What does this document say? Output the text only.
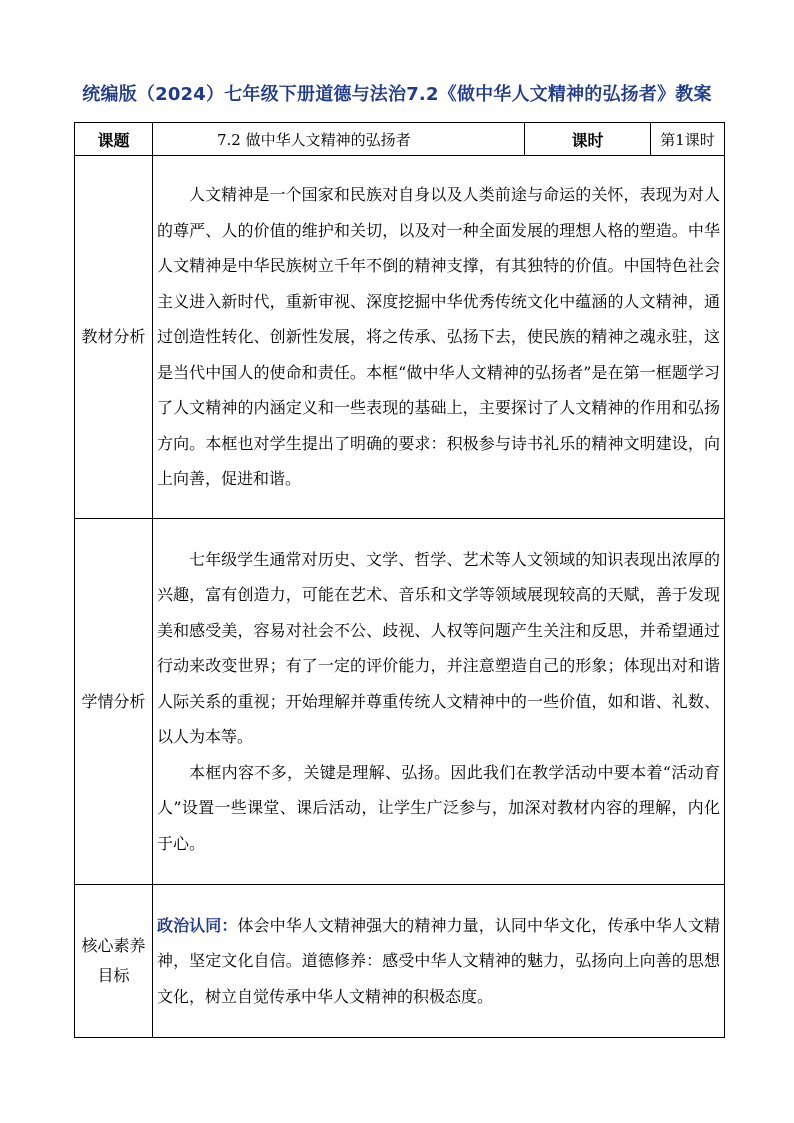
统编版（2024）七年级下册道德与法治7.2《做中华人文精神的弘扬者》教案
课题	7.2 做中华人文精神的弘扬者	课时	第1课时
教材分析	人文精神是一个国家和民族对自身以及人类前途与命运的关怀，表现为对人的尊严、人的价值的维护和关切，以及对一种全面发展的理想人格的塑造。中华人文精神是中华民族树立千年不倒的精神支撑，有其独特的价值。中国特色社会主义进入新时代，重新审视、深度挖掘中华优秀传统文化中蕴涵的人文精神，通过创造性转化、创新性发展，将之传承、弘扬下去，使民族的精神之魂永驻，这是当代中国人的使命和责任。本框“做中华人文精神的弘扬者”是在第一框题学习了人文精神的内涵定义和一些表现的基础上，主要探讨了人文精神的作用和弘扬方向。本框也对学生提出了明确的要求：积极参与诗书礼乐的精神文明建设，向上向善，促进和谐。		

学情分析	七年级学生通常对历史、文学、哲学、艺术等人文领域的知识表现出浓厚的兴趣，富有创造力，可能在艺术、音乐和文学等领域展现较高的天赋，善于发现美和感受美，容易对社会不公、歧视、人权等问题产生关注和反思，并希望通过行动来改变世界；有了一定的评价能力，并注意塑造自己的形象；体现出对和谐人际关系的重视；开始理解并尊重传统人文精神中的一些价值，如和谐、礼数、以人为本等。

本框内容不多，关键是理解、弘扬。因此我们在教学活动中要本着“活动育人”设置一些课堂、课后活动，让学生广泛参与，加深对教材内容的理解，内化于心。		

核心素养
目标	政治认同：体会中华人文精神强大的精神力量，认同中华文化，传承中华人文精神，坚定文化自信。道德修养：感受中华人文精神的魅力，弘扬向上向善的思想文化，树立自觉传承中华人文精神的积极态度。		
